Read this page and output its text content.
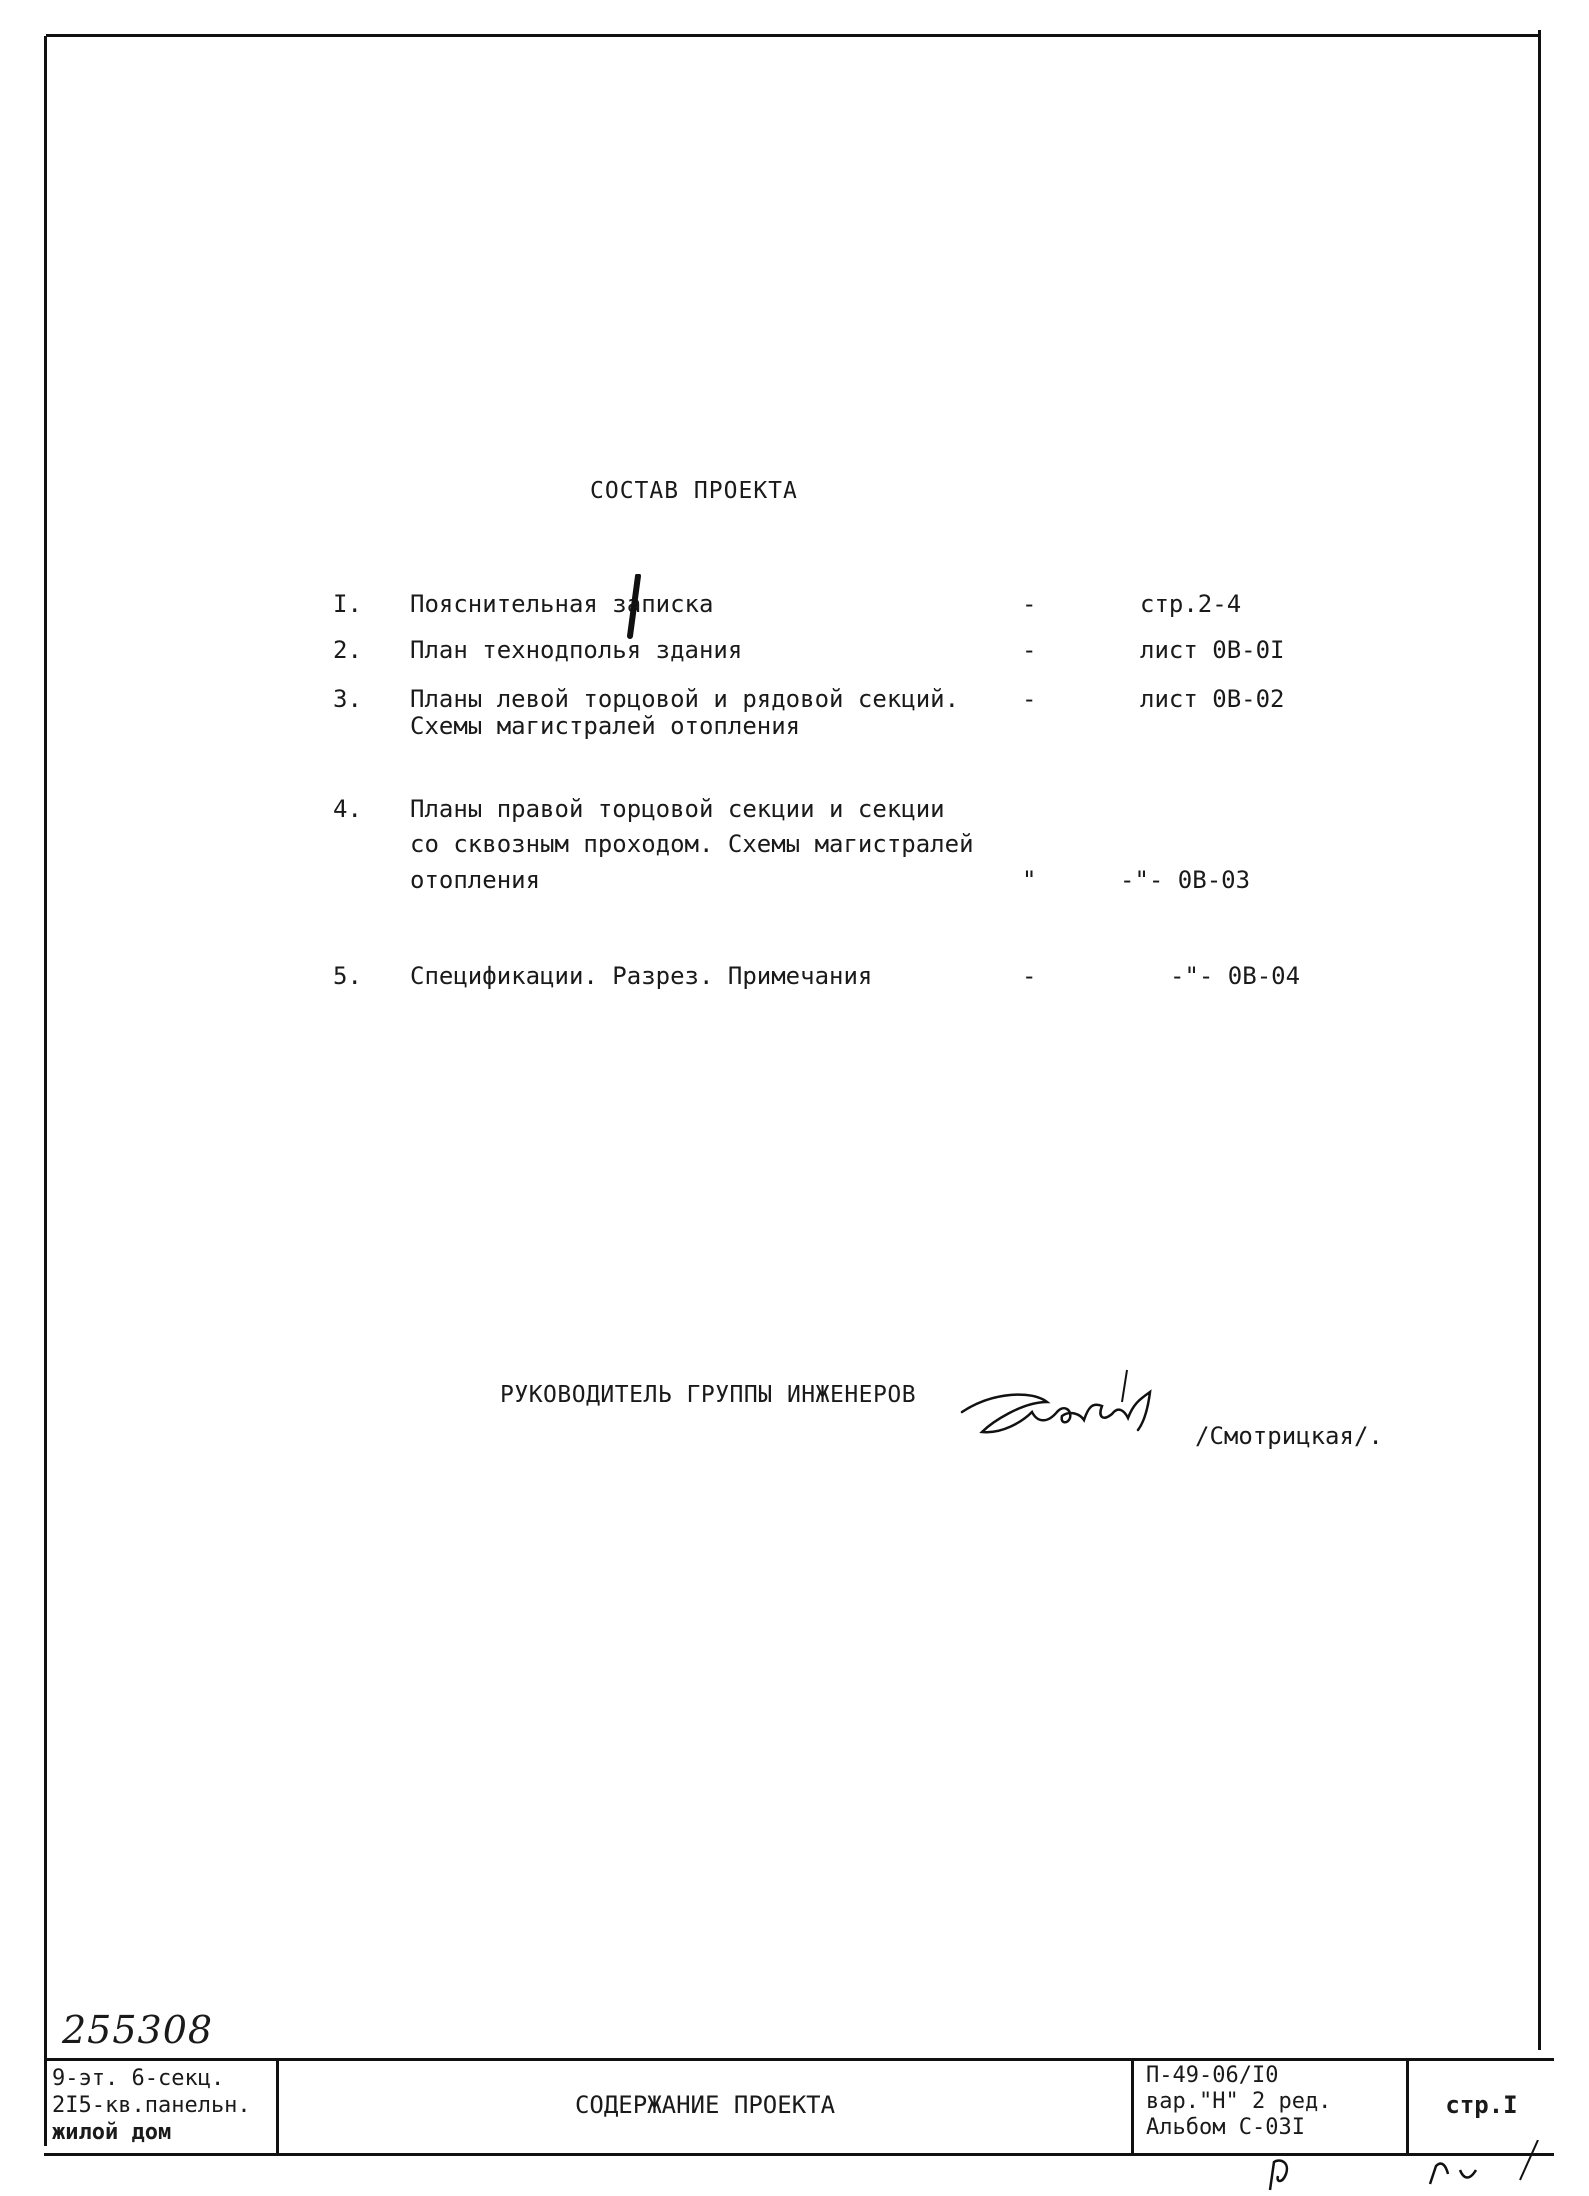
СОСТАВ ПРОЕКТА
I. Пояснительная записка	-	стр.2-4
2. План технодполья здания	-	лист 0В-0I
3. Планы левой торцовой и рядовой секций.	-	лист 0В-02
Схемы магистралей отопления
4. Планы правой торцовой секции и секции
со сквозным проходом. Схемы магистралей
отопления	"	-"- 0В-03
5. Спецификации. Разрез. Примечания	-	-"- 0В-04
РУКОВОДИТЕЛЬ ГРУППЫ ИНЖЕНЕРОВ
/Смотрицкая/.
255308
9-эт. 6-секц.
2I5-кв.панельн.
жилой дом
СОДЕРЖАНИЕ ПРОЕКТА
П-49-06/I0
вар."Н" 2 ред.
Альбом С-03I
стр.I
